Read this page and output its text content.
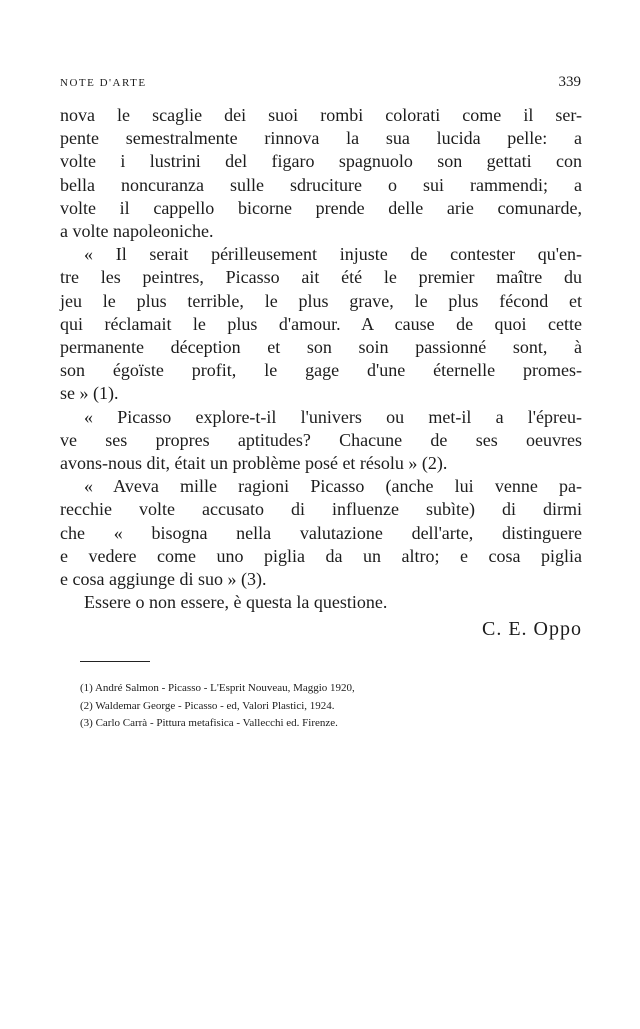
NOTE D'ARTE	339
nova le scaglie dei suoi rombi colorati come il ser-
pente semestralmente rinnova la sua lucida pelle: a
volte i lustrini del figaro spagnuolo son gettati con
bella noncuranza sulle sdruciture o sui rammendi; a
volte il cappello bicorne prende delle arie comunarde,
a volte napoleoniche.
« Il serait périlleusement injuste de contester qu'en-
tre les peintres, Picasso ait été le premier maître du
jeu le plus terrible, le plus grave, le plus fécond et
qui réclamait le plus d'amour. A cause de quoi cette
permanente déception et son soin passionné sont, à
son égoïste profit, le gage d'une éternelle promes-
se » (1).
« Picasso explore-t-il l'univers ou met-il a l'épreu-
ve ses propres aptitudes? Chacune de ses oeuvres
avons-nous dit, était un problème posé et résolu » (2).
« Aveva mille ragioni Picasso (anche lui venne pa-
recchie volte accusato di influenze subìte) di dirmi
che « bisogna nella valutazione dell'arte, distinguere
e vedere come uno piglia da un altro; e cosa piglia
e cosa aggiunge di suo » (3).
Essere o non essere, è questa la questione.
C. E. Oppo
(1) André Salmon - Picasso - L'Esprit Nouveau, Maggio 1920,
(2) Waldemar George - Picasso - ed, Valori Plastici, 1924.
(3) Carlo Carrà - Pittura metafisica - Vallecchi ed. Firenze.
